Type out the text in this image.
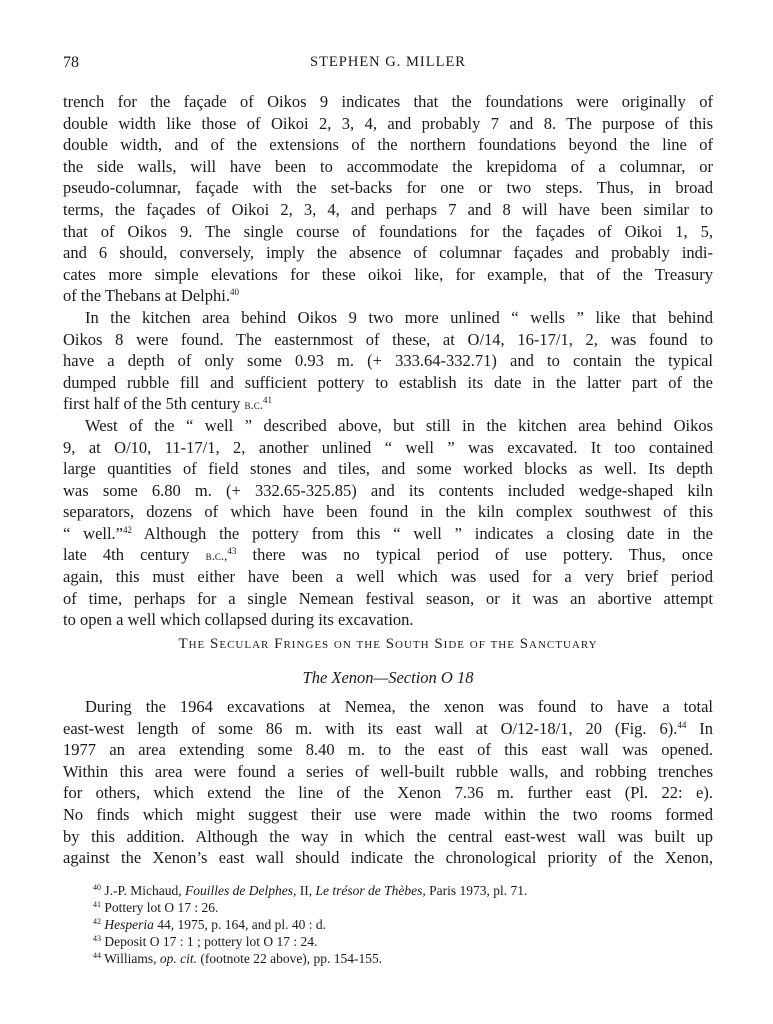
78	STEPHEN G. MILLER
trench for the façade of Oikos 9 indicates that the foundations were originally of
double width like those of Oikoi 2, 3, 4, and probably 7 and 8. The purpose of this
double width, and of the extensions of the northern foundations beyond the line of
the side walls, will have been to accommodate the krepidoma of a columnar, or
pseudo-columnar, façade with the set-backs for one or two steps. Thus, in broad
terms, the façades of Oikoi 2, 3, 4, and perhaps 7 and 8 will have been similar to
that of Oikos 9. The single course of foundations for the façades of Oikoi 1, 5,
and 6 should, conversely, imply the absence of columnar façades and probably indi-
cates more simple elevations for these oikoi like, for example, that of the Treasury
of the Thebans at Delphi.$^{40}$
In the kitchen area behind Oikos 9 two more unlined “ wells ” like that behind
Oikos 8 were found. The easternmost of these, at O/14, 16-17/1, 2, was found to
have a depth of only some 0.93 m. (+ 333.64-332.71) and to contain the typical
dumped rubble fill and sufficient pottery to establish its date in the latter part of the
first half of the 5th century b.c.$^{41}$
West of the “ well ” described above, but still in the kitchen area behind Oikos
9, at O/10, 11-17/1, 2, another unlined “ well ” was excavated. It too contained
large quantities of field stones and tiles, and some worked blocks as well. Its depth
was some 6.80 m. (+ 332.65-325.85) and its contents included wedge-shaped kiln
separators, dozens of which have been found in the kiln complex southwest of this
“ well.”$^{42}$ Although the pottery from this “ well ” indicates a closing date in the
late 4th century b.c.,$^{43}$ there was no typical period of use pottery. Thus, once
again, this must either have been a well which was used for a very brief period
of time, perhaps for a single Nemean festival season, or it was an abortive attempt
to open a well which collapsed during its excavation.
The Secular Fringes on the South Side of the Sanctuary
The Xenon—Section O 18
During the 1964 excavations at Nemea, the xenon was found to have a total
east-west length of some 86 m. with its east wall at O/12-18/1, 20 (Fig. 6).$^{44}$ In
1977 an area extending some 8.40 m. to the east of this east wall was opened.
Within this area were found a series of well-built rubble walls, and robbing trenches
for others, which extend the line of the Xenon 7.36 m. further east (Pl. 22: e).
No finds which might suggest their use were made within the two rooms formed
by this addition. Although the way in which the central east-west wall was built up
against the Xenon’s east wall should indicate the chronological priority of the Xenon,
$^{40}$ J.-P. Michaud, Fouilles de Delphes, II, Le trésor de Thèbes, Paris 1973, pl. 71.
$^{41}$ Pottery lot O 17 : 26.
$^{42}$ Hesperia 44, 1975, p. 164, and pl. 40 : d.
$^{43}$ Deposit O 17 : 1 ; pottery lot O 17 : 24.
$^{44}$ Williams, op. cit. (footnote 22 above), pp. 154-155.
